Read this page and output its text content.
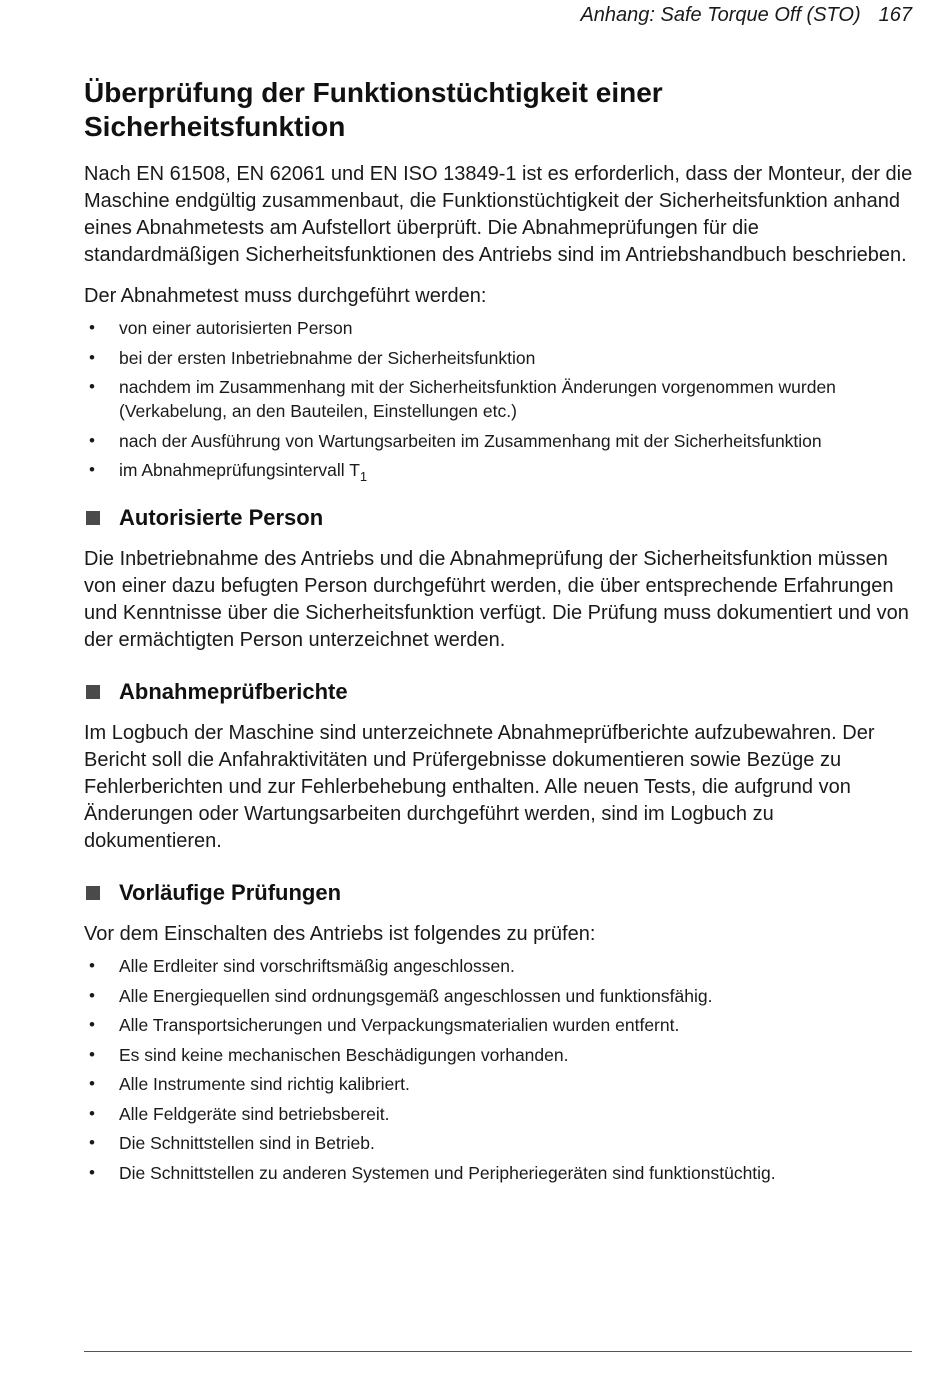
Anhang: Safe Torque Off (STO) 167
Überprüfung der Funktionstüchtigkeit einer Sicherheitsfunktion

Nach EN 61508, EN 62061 und EN ISO 13849-1 ist es erforderlich, dass der Monteur, der die Maschine endgültig zusammenbaut, die Funktionstüchtigkeit der Sicherheitsfunktion anhand eines Abnahmetests am Aufstellort überprüft. Die Abnahmeprüfungen für die standardmäßigen Sicherheitsfunktionen des Antriebs sind im Antriebshandbuch beschrieben.

Der Abnahmetest muss durchgeführt werden:

• von einer autorisierten Person
• bei der ersten Inbetriebnahme der Sicherheitsfunktion
• nachdem im Zusammenhang mit der Sicherheitsfunktion Änderungen vorgenommen wurden (Verkabelung, an den Bauteilen, Einstellungen etc.)
• nach der Ausführung von Wartungsarbeiten im Zusammenhang mit der Sicherheitsfunktion
• im Abnahmeprüfungsintervall $T_1$
Autorisierte Person

Die Inbetriebnahme des Antriebs und die Abnahmeprüfung der Sicherheitsfunktion müssen von einer dazu befugten Person durchgeführt werden, die über entsprechende Erfahrungen und Kenntnisse über die Sicherheitsfunktion verfügt. Die Prüfung muss dokumentiert und von der ermächtigten Person unterzeichnet werden.

Abnahmeprüfberichte

Im Logbuch der Maschine sind unterzeichnete Abnahmeprüfberichte aufzubewahren. Der Bericht soll die Anfahraktivitäten und Prüfergebnisse dokumentieren sowie Bezüge zu Fehlerberichten und zur Fehlerbehebung enthalten. Alle neuen Tests, die aufgrund von Änderungen oder Wartungsarbeiten durchgeführt werden, sind im Logbuch zu dokumentieren.

Vorläufige Prüfungen

Vor dem Einschalten des Antriebs ist folgendes zu prüfen:

• Alle Erdleiter sind vorschriftsmäßig angeschlossen.
• Alle Energiequellen sind ordnungsgemäß angeschlossen und funktionsfähig.
• Alle Transportsicherungen und Verpackungsmaterialien wurden entfernt.
• Es sind keine mechanischen Beschädigungen vorhanden.
• Alle Instrumente sind richtig kalibriert.
• Alle Feldgeräte sind betriebsbereit.
• Die Schnittstellen sind in Betrieb.
• Die Schnittstellen zu anderen Systemen und Peripheriegeräten sind funktionstüchtig.
